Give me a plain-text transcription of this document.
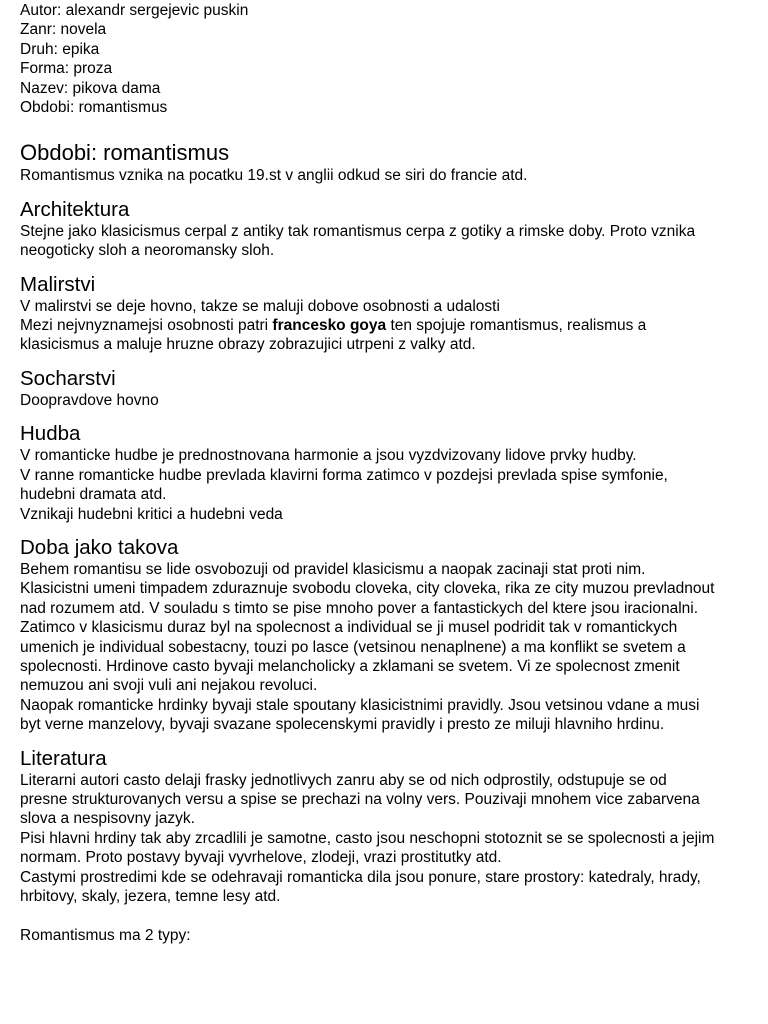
Autor: alexandr sergejevic puskin
Zanr: novela
Druh: epika
Forma: proza
Nazev: pikova dama
Obdobi: romantismus
Obdobi: romantismus
Romantismus vznika na pocatku 19.st v anglii odkud se siri do francie atd.
Architektura
Stejne jako klasicismus cerpal z antiky tak romantismus cerpa z gotiky a rimske doby. Proto vznika
neogoticky sloh a neoromansky sloh.
Malirstvi
V malirstvi se deje hovno, takze se maluji dobove osobnosti a udalosti
Mezi nejvnyznamejsi osobnosti patri francesko goya ten spojuje romantismus, realismus a
klasicismus a maluje hruzne obrazy zobrazujici utrpeni z valky atd.
Socharstvi
Doopravdove hovno
Hudba
V romanticke hudbe je prednostnovana harmonie a jsou vyzdvizovany lidove prvky hudby.
V ranne romanticke hudbe prevlada klavirni forma zatimco v pozdejsi prevlada spise symfonie,
hudebni dramata atd.
Vznikaji hudebni kritici a hudebni veda
Doba jako takova
Behem romantisu se lide osvobozuji od pravidel klasicismu a naopak zacinaji stat proti nim.
Klasicistni umeni timpadem zduraznuje svobodu cloveka, city cloveka, rika ze city muzou prevladnout
nad rozumem atd. V souladu s timto se pise mnoho pover a fantastickych del ktere jsou iracionalni.
Zatimco v klasicismu duraz byl na spolecnost a individual se ji musel podridit tak v romantickych
umenich je individual sobestacny, touzi po lasce (vetsinou nenaplnene) a ma konflikt se svetem a
spolecnosti. Hrdinove casto byvaji melancholicky a zklamani se svetem. Vi ze spolecnost zmenit
nemuzou ani svoji vuli ani nejakou revoluci.
Naopak romanticke hrdinky byvaji stale spoutany klasicistnimi pravidly. Jsou vetsinou vdane a musi
byt verne manzelovy, byvaji svazane spolecenskymi pravidly i presto ze miluji hlavniho hrdinu.
Literatura
Literarni autori casto delaji frasky jednotlivych zanru aby se od nich odprostily, odstupuje se od
presne strukturovanych versu a spise se prechazi na volny vers. Pouzivaji mnohem vice zabarvena
slova a nespisovny jazyk.
Pisi hlavni hrdiny tak aby zrcadlili je samotne, casto jsou neschopni stotoznit se se spolecnosti a jejim
normam. Proto postavy byvaji vyvrhelove, zlodeji, vrazi prostitutky atd.
Castymi prostredimi kde se odehravaji romanticka dila jsou ponure, stare prostory: katedraly, hrady,
hrbitovy, skaly, jezera, temne lesy atd.
Romantismus ma 2 typy:
